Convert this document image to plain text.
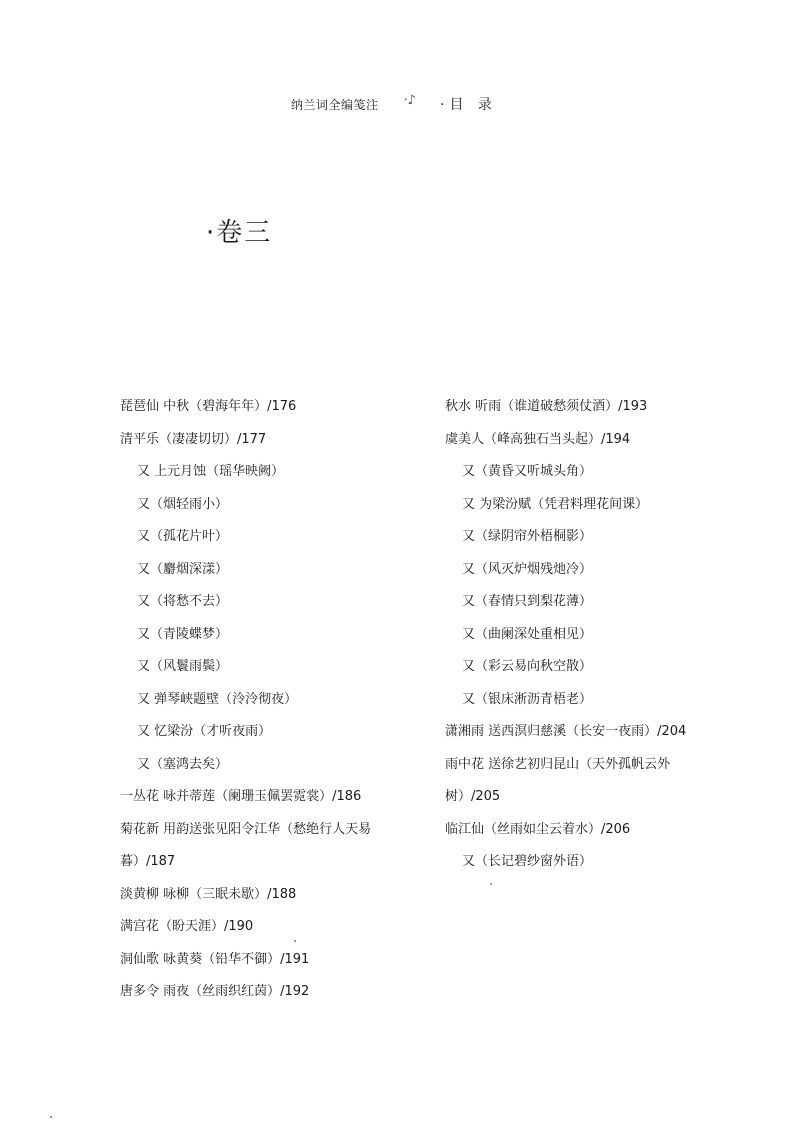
纳兰词全编笺注 ⸱♪ ·目 录
·卷三
琵琶仙 中秋（碧海年年）/176
清平乐（凄凄切切）/177
又 上元月蚀（瑶华映阙）
又（烟轻雨小）
又（孤花片叶）
又（麝烟深漾）
又（将愁不去）
又（青陵蝶梦）
又（风鬟雨鬓）
又 弹琴峡题壁（泠泠彻夜）
又 忆梁汾（才听夜雨）
又（塞鸿去矣）
一丛花 咏并蒂莲（阑珊玉佩罢霓裳）/186
菊花新 用韵送张见阳令江华（愁绝行人天易暮）/187
淡黄柳 咏柳（三眠未歇）/188
满宫花（盼天涯）/190
洞仙歌 咏黄葵（铅华不御）/191
唐多令 雨夜（丝雨织红茵）/192
秋水 听雨（谁道破愁须仗酒）/193
虞美人（峰高独石当头起）/194
又（黄昏又听城头角）
又 为梁汾赋（凭君料理花间课）
又（绿阴帘外梧桐影）
又（风灭炉烟残灺冷）
又（春情只到梨花薄）
又（曲阑深处重相见）
又（彩云易向秋空散）
又（银床淅沥青梧老）
潇湘雨 送西溟归慈溪（长安一夜雨）/204
雨中花 送徐艺初归昆山（天外孤帆云外树）/205
临江仙（丝雨如尘云着水）/206
又（长记碧纱窗外语）
